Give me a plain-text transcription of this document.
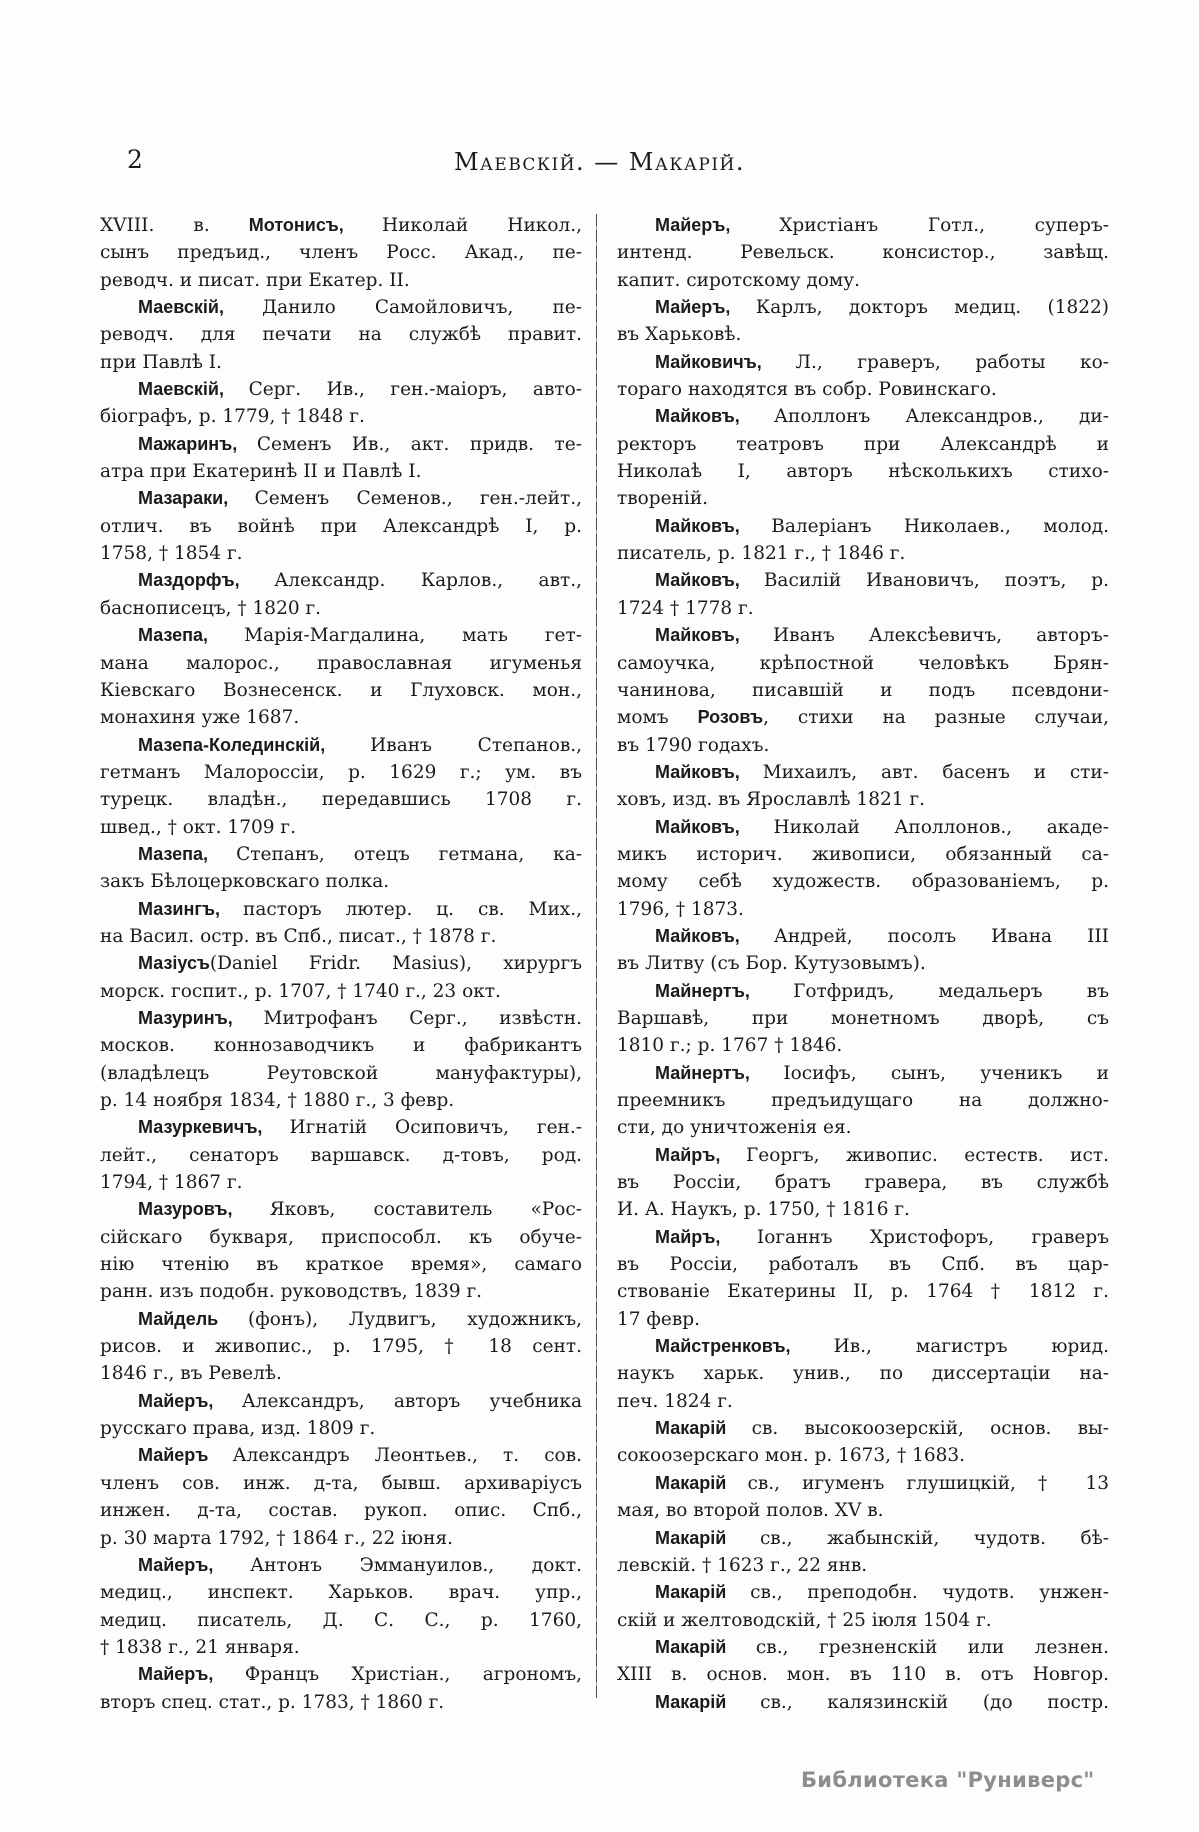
2	Маевскій. — Макарій.
XVIII. в. Мотонисъ, Николай Никол.,
сынъ предъид., членъ Росс. Акад., пе-
реводч. и писат. при Екатер. II.
Маевскій, Данило Самойловичъ, пе-
реводч. для печати на службѣ правит.
при Павлѣ I.
Маевскій, Серг. Ив., ген.-маіоръ, авто-
біографъ, р. 1779, † 1848 г.
Мажаринъ, Семенъ Ив., акт. придв. те-
атра при Екатеринѣ II и Павлѣ I.
Мазараки, Семенъ Семенов., ген.-лейт.,
отлич. въ войнѣ при Александрѣ I, р.
1758, † 1854 г.
Маздорфъ, Александр. Карлов., авт.,
баснописецъ, † 1820 г.
Мазепа, Марія-Магдалина, мать гет-
мана малорос., православная игуменья
Кіевскаго Вознесенск. и Глуховск. мон.,
монахиня уже 1687.
Мазепа-Колединскій, Иванъ Степанов.,
гетманъ Малороссіи, р. 1629 г.; ум. въ
турецк. владѣн., передавшись 1708 г.
швед., † окт. 1709 г.
Мазепа, Степанъ, отецъ гетмана, ка-
закъ Бѣлоцерковскаго полка.
Мазингъ, пасторъ лютер. ц. св. Мих.,
на Васил. остр. въ Спб., писат., † 1878 г.
Мазіусъ(Daniel Fridr. Masius), хирургъ
морск. госпит., р. 1707, † 1740 г., 23 окт.
Мазуринъ, Митрофанъ Серг., извѣстн.
москов. коннозаводчикъ и фабрикантъ
(владѣлецъ Реутовской мануфактуры),
р. 14 ноября 1834, † 1880 г., 3 февр.
Мазуркевичъ, Игнатій Осиповичъ, ген.-
лейт., сенаторъ варшавск. д-товъ, род.
1794, † 1867 г.
Мазуровъ, Яковъ, составитель «Рос-
сійскаго букваря, приспособл. къ обуче-
нію чтенію въ краткое время», самаго
ранн. изъ подобн. руководствъ, 1839 г.
Майдель (фонъ), Лудвигъ, художникъ,
рисов. и живопис., р. 1795, † 18 сент.
1846 г., въ Ревелѣ.
Майеръ, Александръ, авторъ учебника
русскаго права, изд. 1809 г.
Майеръ Александръ Леонтьев., т. сов.
членъ сов. инж. д-та, бывш. архиваріусъ
инжен. д-та, состав. рукоп. опис. Спб.,
р. 30 марта 1792, † 1864 г., 22 іюня.
Майеръ, Антонъ Эммануилов., докт.
медиц., инспект. Харьков. врач. упр.,
медиц. писатель, Д. С. С., р. 1760,
† 1838 г., 21 января.
Майеръ, Францъ Христіан., агрономъ,
вторъ спец. стат., р. 1783, † 1860 г.
Майеръ, Христіанъ Готл., суперъ-
интенд. Ревельск. консистор., завѣщ.
капит. сиротскому дому.
Майеръ, Карлъ, докторъ медиц. (1822)
въ Харьковѣ.
Майковичъ, Л., граверъ, работы ко-
тораго находятся въ собр. Ровинскаго.
Майковъ, Аполлонъ Александров., ди-
ректоръ театровъ при Александрѣ и
Николаѣ I, авторъ нѣсколькихъ стихо-
твореній.
Майковъ, Валеріанъ Николаев., молод.
писатель, р. 1821 г., † 1846 г.
Майковъ, Василій Ивановичъ, поэтъ, р.
1724 † 1778 г.
Майковъ, Иванъ Алексѣевичъ, авторъ-
самоучка, крѣпостной человѣкъ Брян-
чанинова, писавшій и подъ псевдони-
момъ Розовъ, стихи на разные случаи,
въ 1790 годахъ.
Майковъ, Михаилъ, авт. басенъ и сти-
ховъ, изд. въ Ярославлѣ 1821 г.
Майковъ, Николай Аполлонов., акаде-
микъ историч. живописи, обязанный са-
мому себѣ художеств. образованіемъ, р.
1796, † 1873.
Майковъ, Андрей, посолъ Ивана III
въ Литву (съ Бор. Кутузовымъ).
Майнертъ, Готфридъ, медальеръ въ
Варшавѣ, при монетномъ дворѣ, съ
1810 г.; р. 1767 † 1846.
Майнертъ, Іосифъ, сынъ, ученикъ и
преемникъ предъидущаго на должно-
сти, до уничтоженія ея.
Майръ, Георгъ, живопис. естеств. ист.
въ Россіи, братъ гравера, въ службѣ
И. А. Наукъ, р. 1750, † 1816 г.
Майръ, Іоганнъ Христофоръ, граверъ
въ Россіи, работалъ въ Спб. въ цар-
ствованіе Екатерины II, р. 1764 † 1812 г.
17 февр.
Майстренковъ, Ив., магистръ юрид.
наукъ харьк. унив., по диссертаціи на-
печ. 1824 г.
Макарій св. высокоозерскій, основ. вы-
сокоозерскаго мон. р. 1673, † 1683.
Макарій св., игуменъ глушицкій, † 13
мая, во второй полов. XV в.
Макарій св., жабынскій, чудотв. бѣ-
левскій. † 1623 г., 22 янв.
Макарій св., преподобн. чудотв. унжен-
скій и желтоводскій, † 25 іюля 1504 г.
Макарій св., грезненскій или лезнен.
XIII в. основ. мон. въ 110 в. отъ Новгор.
Макарій св., калязинскій (до постр.
Библиотека "Руниверс"
